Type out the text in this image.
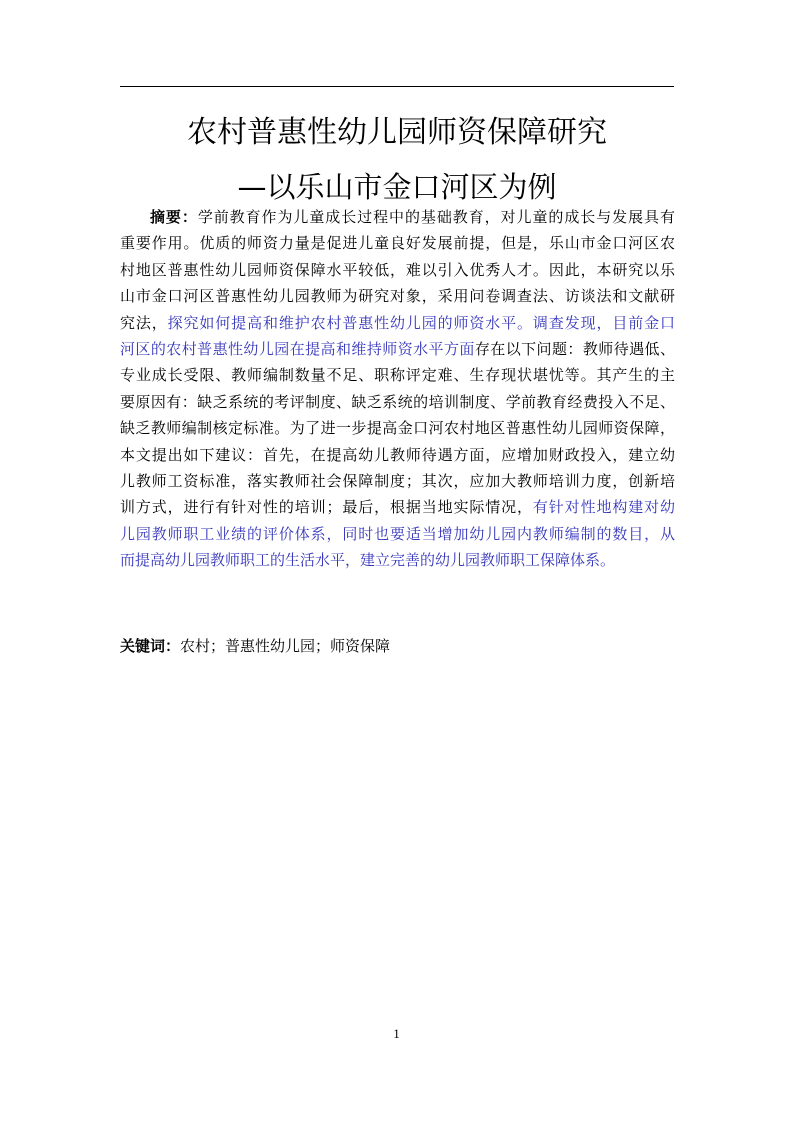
农村普惠性幼儿园师资保障研究
—以乐山市金口河区为例
摘要：学前教育作为儿童成长过程中的基础教育，对儿童的成长与发展具有
重要作用。优质的师资力量是促进儿童良好发展前提，但是，乐山市金口河区农
村地区普惠性幼儿园师资保障水平较低，难以引入优秀人才。因此，本研究以乐
山市金口河区普惠性幼儿园教师为研究对象，采用问卷调查法、访谈法和文献研
究法，探究如何提高和维护农村普惠性幼儿园的师资水平。调查发现，目前金口
河区的农村普惠性幼儿园在提高和维持师资水平方面存在以下问题：教师待遇低、
专业成长受限、教师编制数量不足、职称评定难、生存现状堪忧等。其产生的主
要原因有：缺乏系统的考评制度、缺乏系统的培训制度、学前教育经费投入不足、
缺乏教师编制核定标准。为了进一步提高金口河农村地区普惠性幼儿园师资保障，
本文提出如下建议：首先，在提高幼儿教师待遇方面，应增加财政投入，建立幼
儿教师工资标准，落实教师社会保障制度；其次，应加大教师培训力度，创新培
训方式，进行有针对性的培训；最后，根据当地实际情况，有针对性地构建对幼
儿园教师职工业绩的评价体系，同时也要适当增加幼儿园内教师编制的数目，从
而提高幼儿园教师职工的生活水平，建立完善的幼儿园教师职工保障体系。
关键词：农村；普惠性幼儿园；师资保障
1
